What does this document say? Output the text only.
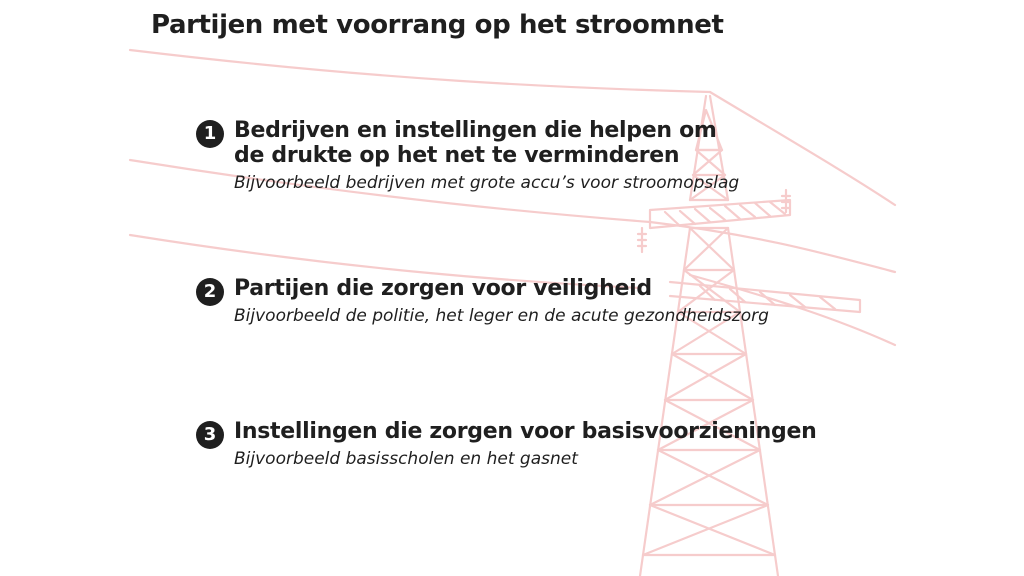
Partijen met voorrang op het stroomnet
1 Bedrijven en instellingen die helpen om
de drukte op het net te verminderen
Bijvoorbeeld bedrijven met grote accu’s voor stroomopslag
2 Partijen die zorgen voor veiligheid
Bijvoorbeeld de politie, het leger en de acute gezondheidszorg
3 Instellingen die zorgen voor basisvoorzieningen
Bijvoorbeeld basisscholen en het gasnet
